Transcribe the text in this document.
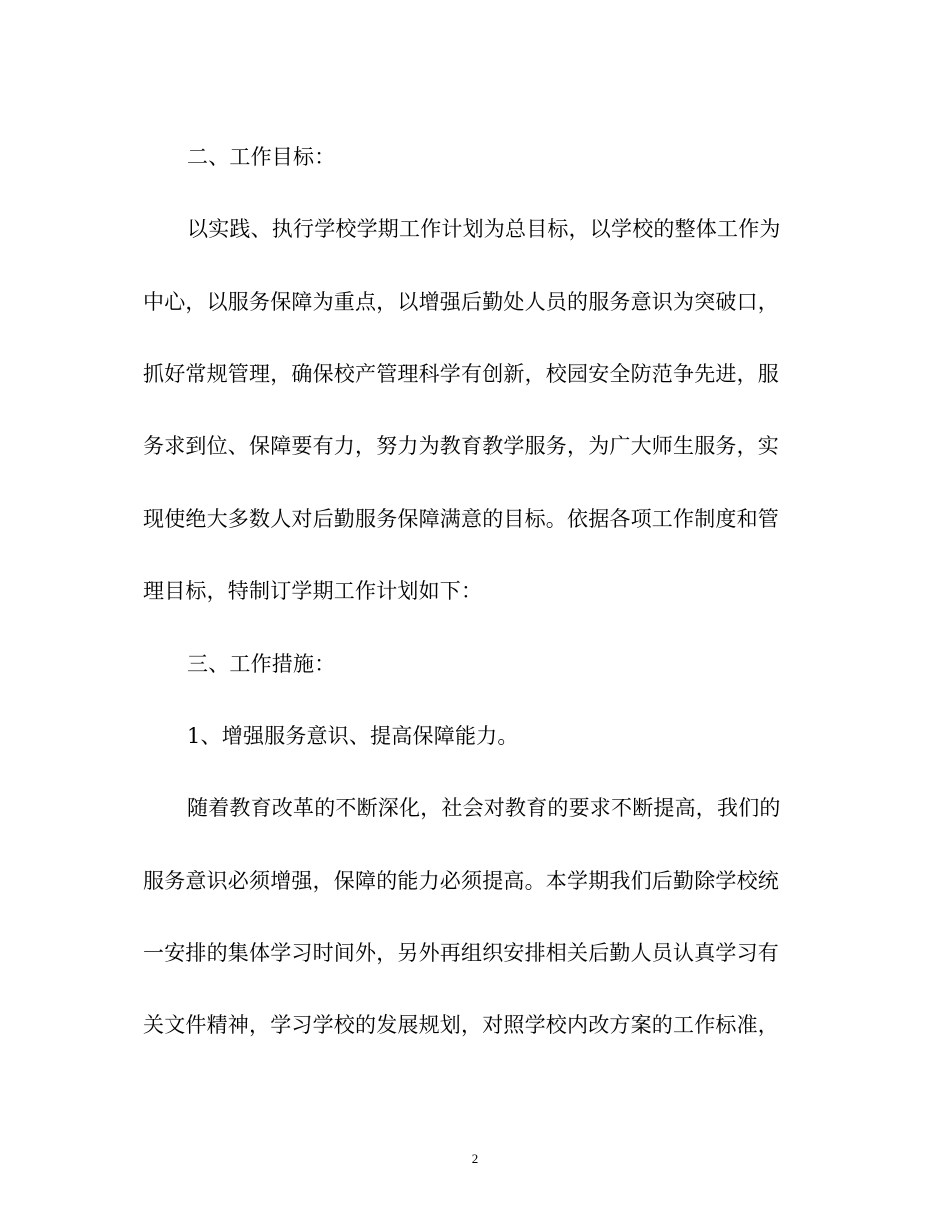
二、工作目标：
以实践、执行学校学期工作计划为总目标，以学校的整体工作为
中心，以服务保障为重点，以增强后勤处人员的服务意识为突破口，
抓好常规管理，确保校产管理科学有创新，校园安全防范争先进，服
务求到位、保障要有力，努力为教育教学服务，为广大师生服务，实
现使绝大多数人对后勤服务保障满意的目标。依据各项工作制度和管
理目标，特制订学期工作计划如下：
三、工作措施：
1、增强服务意识、提高保障能力。
随着教育改革的不断深化，社会对教育的要求不断提高，我们的
服务意识必须增强，保障的能力必须提高。本学期我们后勤除学校统
一安排的集体学习时间外，另外再组织安排相关后勤人员认真学习有
关文件精神，学习学校的发展规划，对照学校内改方案的工作标准，
2
